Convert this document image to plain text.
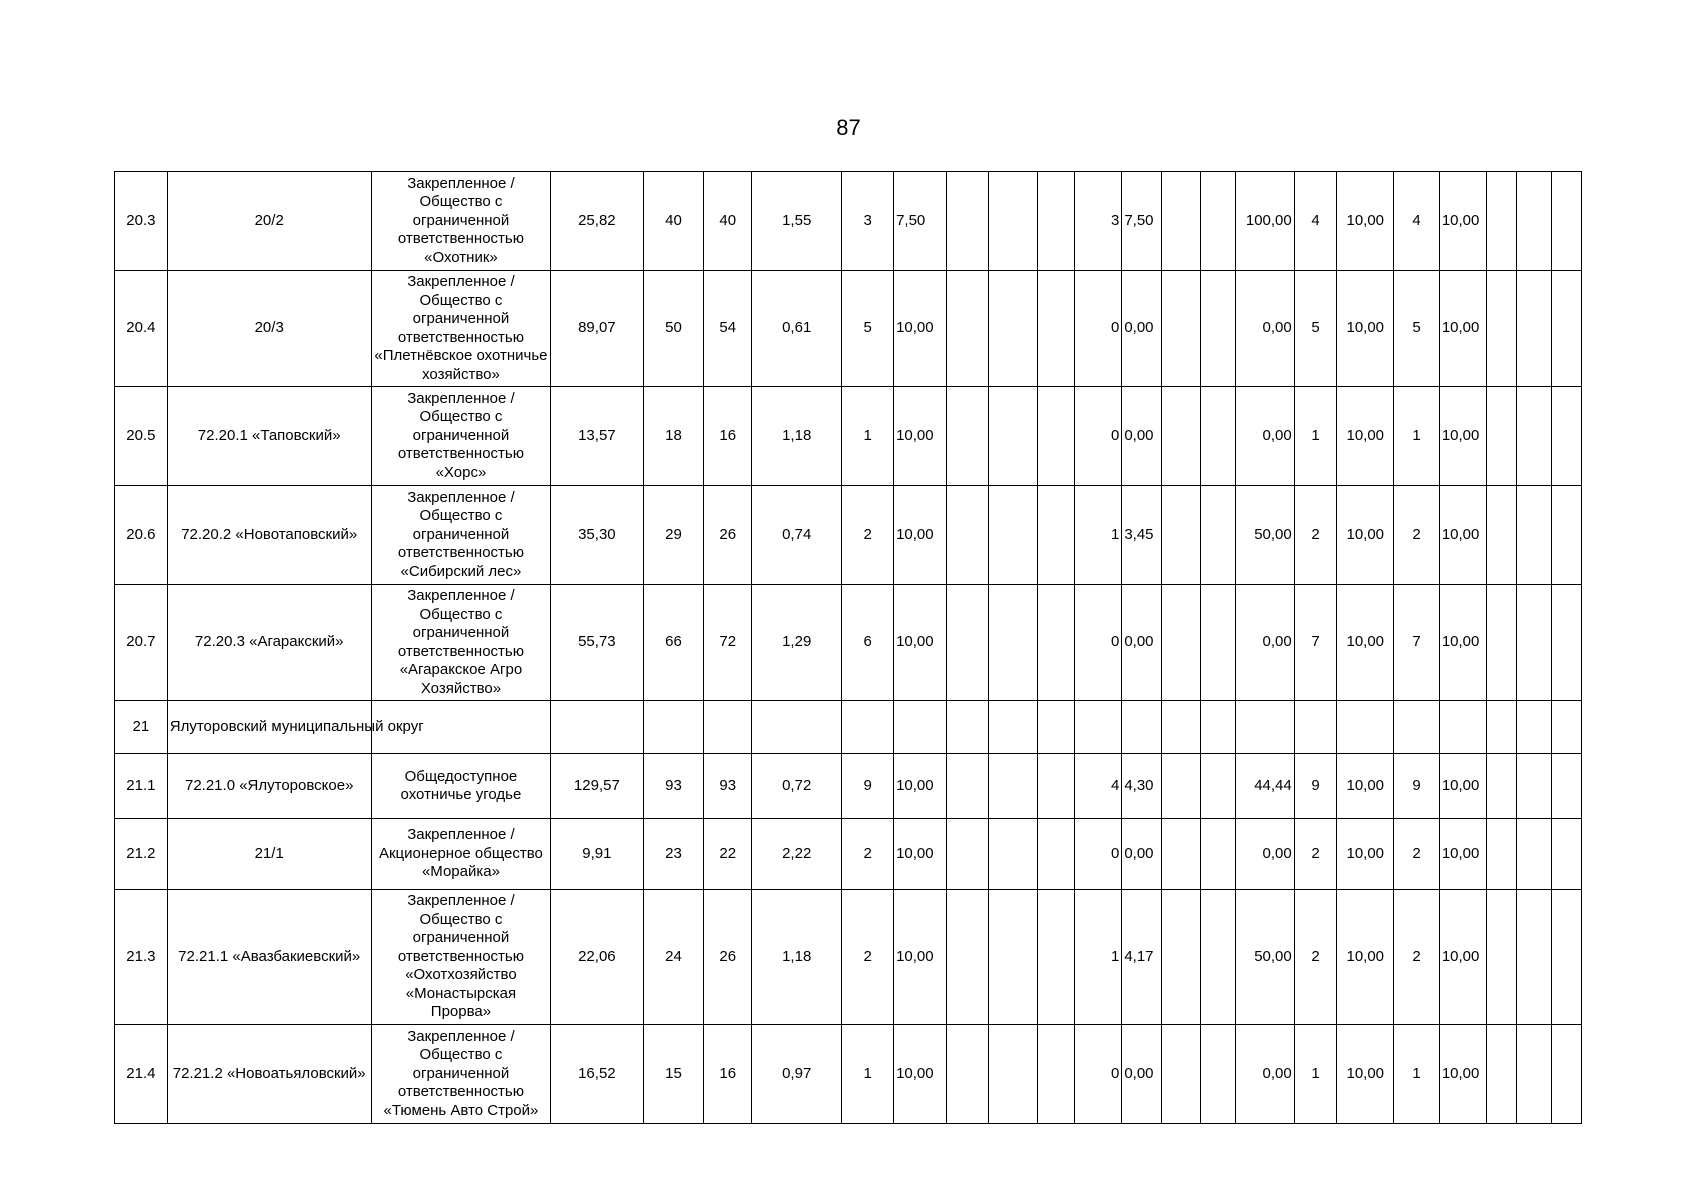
87
20.3	20/2	Закрепленное / Общество с ограниченной ответственностью «Охотник»	25,82	40	40	1,55	3	7,50				3	7,50			100,00	4	10,00	4	10,00			
20.4	20/3	Закрепленное /Общество с ограниченной ответственностью «Плетнёвское охотничье хозяйство»	89,07	50	54	0,61	5	10,00				0	0,00			0,00	5	10,00	5	10,00			
20.5	72.20.1 «Таповский»	Закрепленное / Общество с ограниченной ответственностью «Хорс»	13,57	18	16	1,18	1	10,00				0	0,00			0,00	1	10,00	1	10,00			
20.6	72.20.2 «Новотаповский»	Закрепленное / Общество с ограниченной ответственностью «Сибирский лес»	35,30	29	26	0,74	2	10,00				1	3,45			50,00	2	10,00	2	10,00			
20.7	72.20.3 «Агаракский»	Закрепленное / Общество с ограниченной ответственностью «Агаракское Агро Хозяйство»	55,73	66	72	1,29	6	10,00				0	0,00			0,00	7	10,00	7	10,00			
21	Ялуторовский муниципальный округ																						
21.1	72.21.0 «Ялуторовское»	Общедоступное охотничье угодье	129,57	93	93	0,72	9	10,00				4	4,30			44,44	9	10,00	9	10,00			
21.2	21/1	Закрепленное / Акционерное общество «Морайка»	9,91	23	22	2,22	2	10,00				0	0,00			0,00	2	10,00	2	10,00			
21.3	72.21.1 «Авазбакиевский»	Закрепленное / Общество с ограниченной ответственностью «Охотхозяйство «Монастырская Прорва»	22,06	24	26	1,18	2	10,00				1	4,17			50,00	2	10,00	2	10,00			
21.4	72.21.2 «Новоатьяловский»	Закрепленное / Общество с ограниченной ответственностью «Тюмень Авто Строй»	16,52	15	16	0,97	1	10,00				0	0,00			0,00	1	10,00	1	10,00			
